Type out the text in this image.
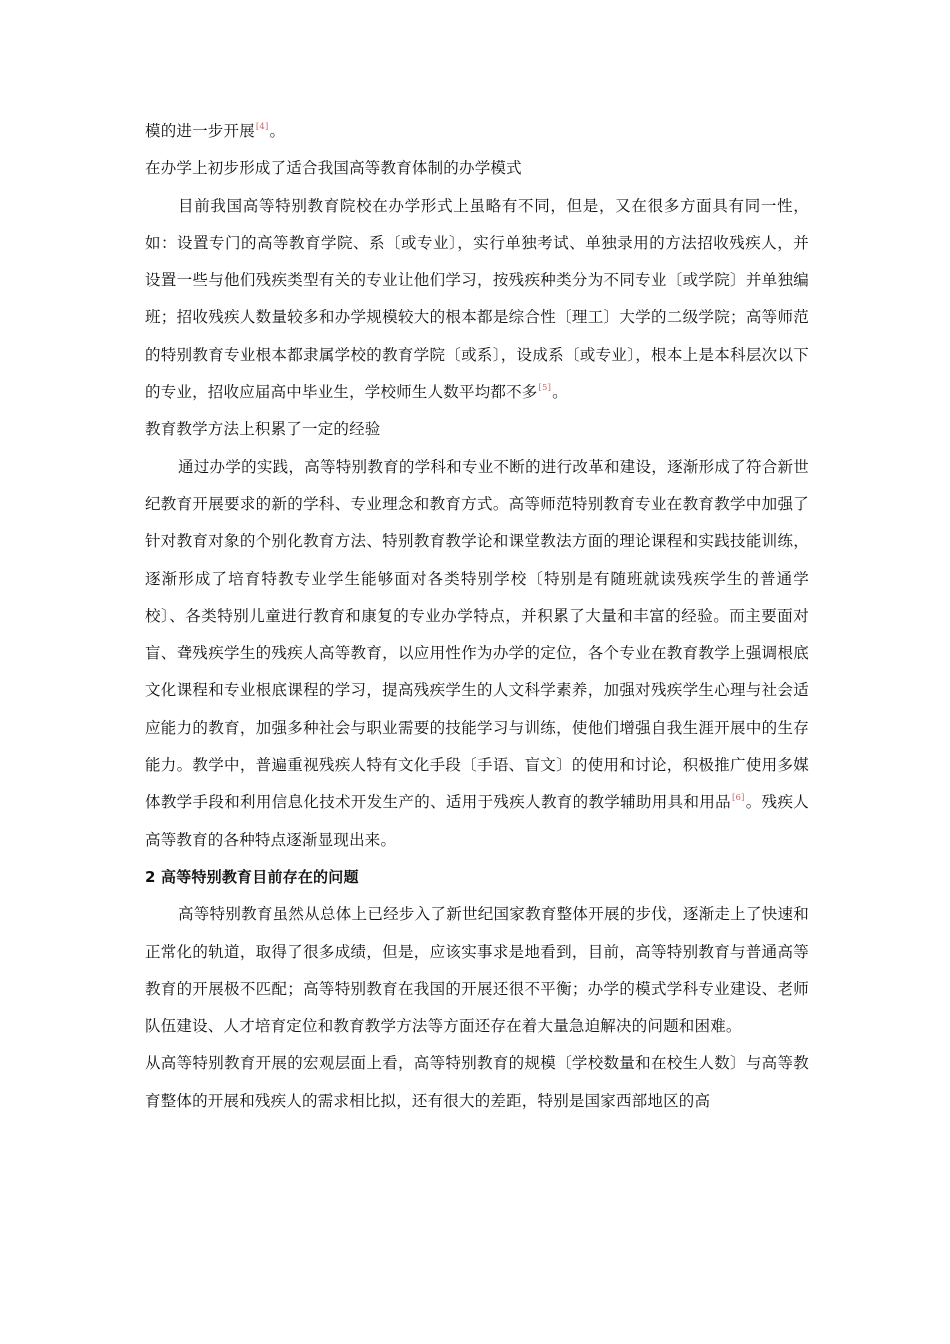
模的进一步开展[4]。

在办学上初步形成了适合我国高等教育体制的办学模式

目前我国高等特别教育院校在办学形式上虽略有不同，但是，又在很多方面具有同一性，如：设置专门的高等教育学院、系〔或专业〕，实行单独考试、单独录用的方法招收残疾人，并设置一些与他们残疾类型有关的专业让他们学习，按残疾种类分为不同专业〔或学院〕并单独编班；招收残疾人数量较多和办学规模较大的根本都是综合性〔理工〕大学的二级学院；高等师范的特别教育专业根本都隶属学校的教育学院〔或系〕，设成系〔或专业〕，根本上是本科层次以下的专业，招收应届高中毕业生，学校师生人数平均都不多[5]。

教育教学方法上积累了一定的经验

通过办学的实践，高等特别教育的学科和专业不断的进行改革和建设，逐渐形成了符合新世纪教育开展要求的新的学科、专业理念和教育方式。高等师范特别教育专业在教育教学中加强了针对教育对象的个别化教育方法、特别教育教学论和课堂教法方面的理论课程和实践技能训练，逐渐形成了培育特教专业学生能够面对各类特别学校〔特别是有随班就读残疾学生的普通学校〕、各类特别儿童进行教育和康复的专业办学特点，并积累了大量和丰富的经验。而主要面对盲、聋残疾学生的残疾人高等教育，以应用性作为办学的定位，各个专业在教育教学上强调根底文化课程和专业根底课程的学习，提高残疾学生的人文科学素养，加强对残疾学生心理与社会适应能力的教育，加强多种社会与职业需要的技能学习与训练，使他们增强自我生涯开展中的生存能力。教学中，普遍重视残疾人特有文化手段〔手语、盲文〕的使用和讨论，积极推广使用多媒体教学手段和利用信息化技术开发生产的、适用于残疾人教育的教学辅助用具和用品[6]。残疾人高等教育的各种特点逐渐显现出来。

2 高等特别教育目前存在的问题

高等特别教育虽然从总体上已经步入了新世纪国家教育整体开展的步伐，逐渐走上了快速和正常化的轨道，取得了很多成绩，但是，应该实事求是地看到，目前，高等特别教育与普通高等教育的开展极不匹配；高等特别教育在我国的开展还很不平衡；办学的模式学科专业建设、老师队伍建设、人才培育定位和教育教学方法等方面还存在着大量急迫解决的问题和困难。

从高等特别教育开展的宏观层面上看，高等特别教育的规模〔学校数量和在校生人数〕与高等教育整体的开展和残疾人的需求相比拟，还有很大的差距，特别是国家西部地区的高
